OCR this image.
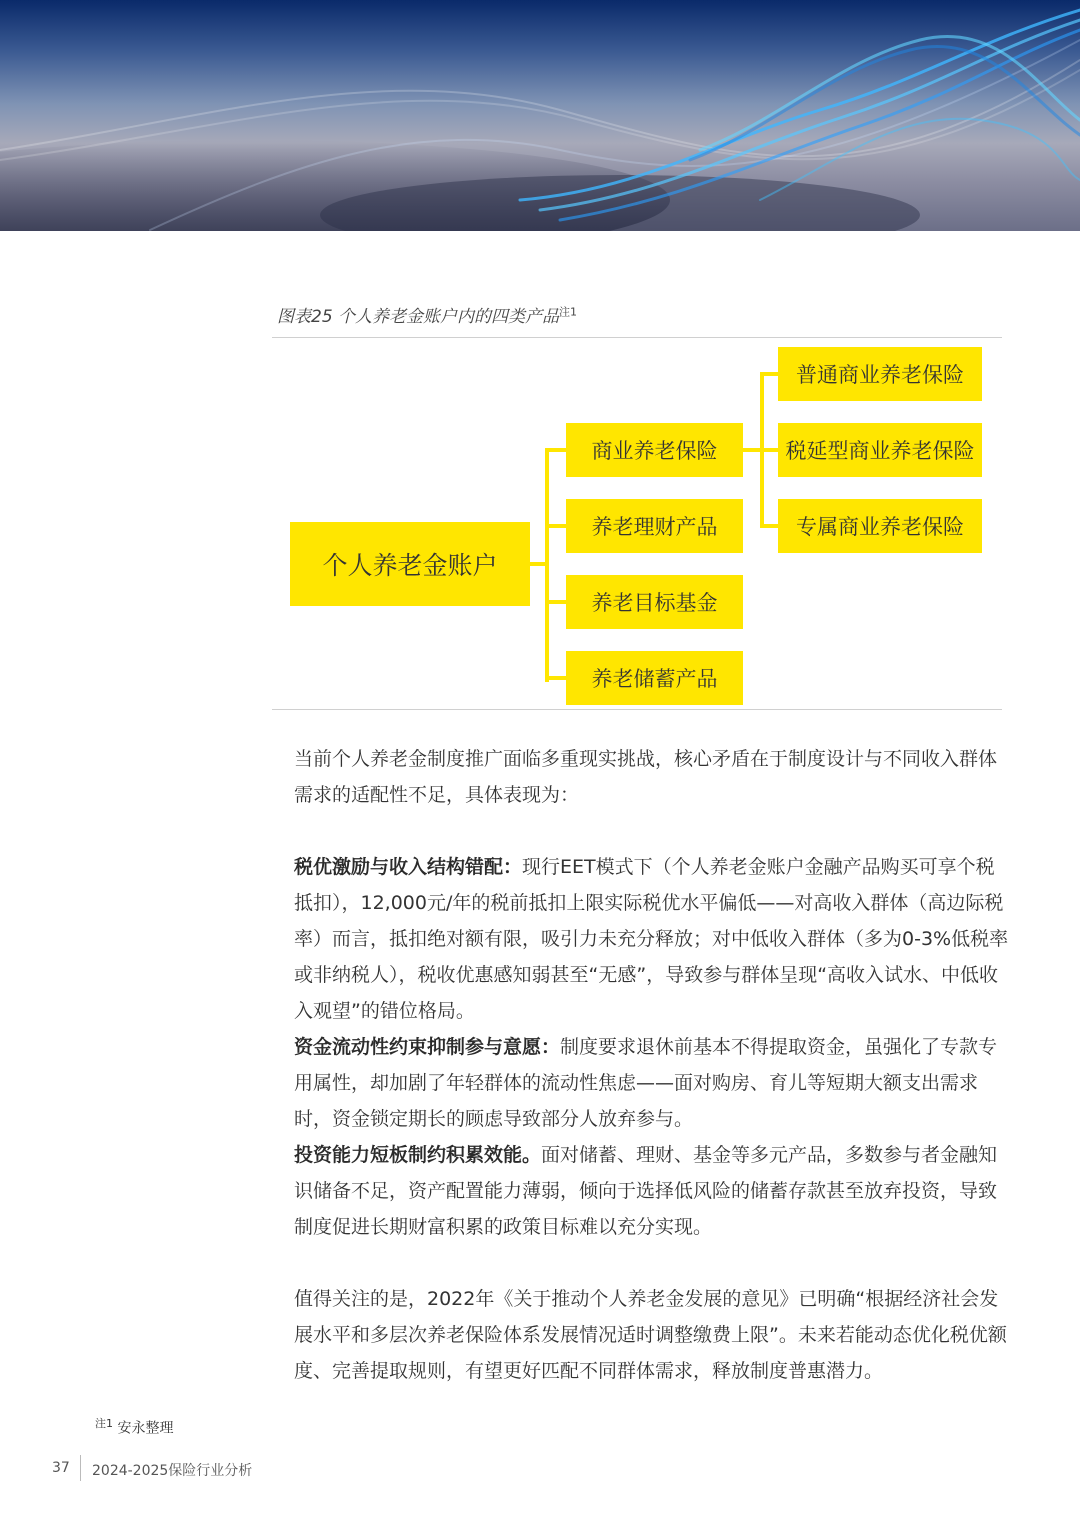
图表25 个人养老金账户内的四类产品$^{注1}$
个人养老金账户
商业养老保险
养老理财产品
养老目标基金
养老储蓄产品
普通商业养老保险
税延型商业养老保险
专属商业养老保险

当前个人养老金制度推广面临多重现实挑战，核心矛盾在于制度设计与不同收入群体需求的适配性不足，具体表现为：

税优激励与收入结构错配：现行EET模式下（个人养老金账户金融产品购买可享个税抵扣），12,000元/年的税前抵扣上限实际税优水平偏低——对高收入群体（高边际税率）而言，抵扣绝对额有限，吸引力未充分释放；对中低收入群体（多为0-3%低税率或非纳税人），税收优惠感知弱甚至“无感”，导致参与群体呈现“高收入试水、中低收入观望”的错位格局。

资金流动性约束抑制参与意愿：制度要求退休前基本不得提取资金，虽强化了专款专用属性，却加剧了年轻群体的流动性焦虑——面对购房、育儿等短期大额支出需求时，资金锁定期长的顾虑导致部分人放弃参与。

投资能力短板制约积累效能。面对储蓄、理财、基金等多元产品，多数参与者金融知识储备不足，资产配置能力薄弱，倾向于选择低风险的储蓄存款甚至放弃投资，导致制度促进长期财富积累的政策目标难以充分实现。

值得关注的是，2022年《关于推动个人养老金发展的意见》已明确“根据经济社会发展水平和多层次养老保险体系发展情况适时调整缴费上限”。未来若能动态优化税优额度、完善提取规则，有望更好匹配不同群体需求，释放制度普惠潜力。

$^{注1}$ 安永整理
37 2024-2025保险行业分析
